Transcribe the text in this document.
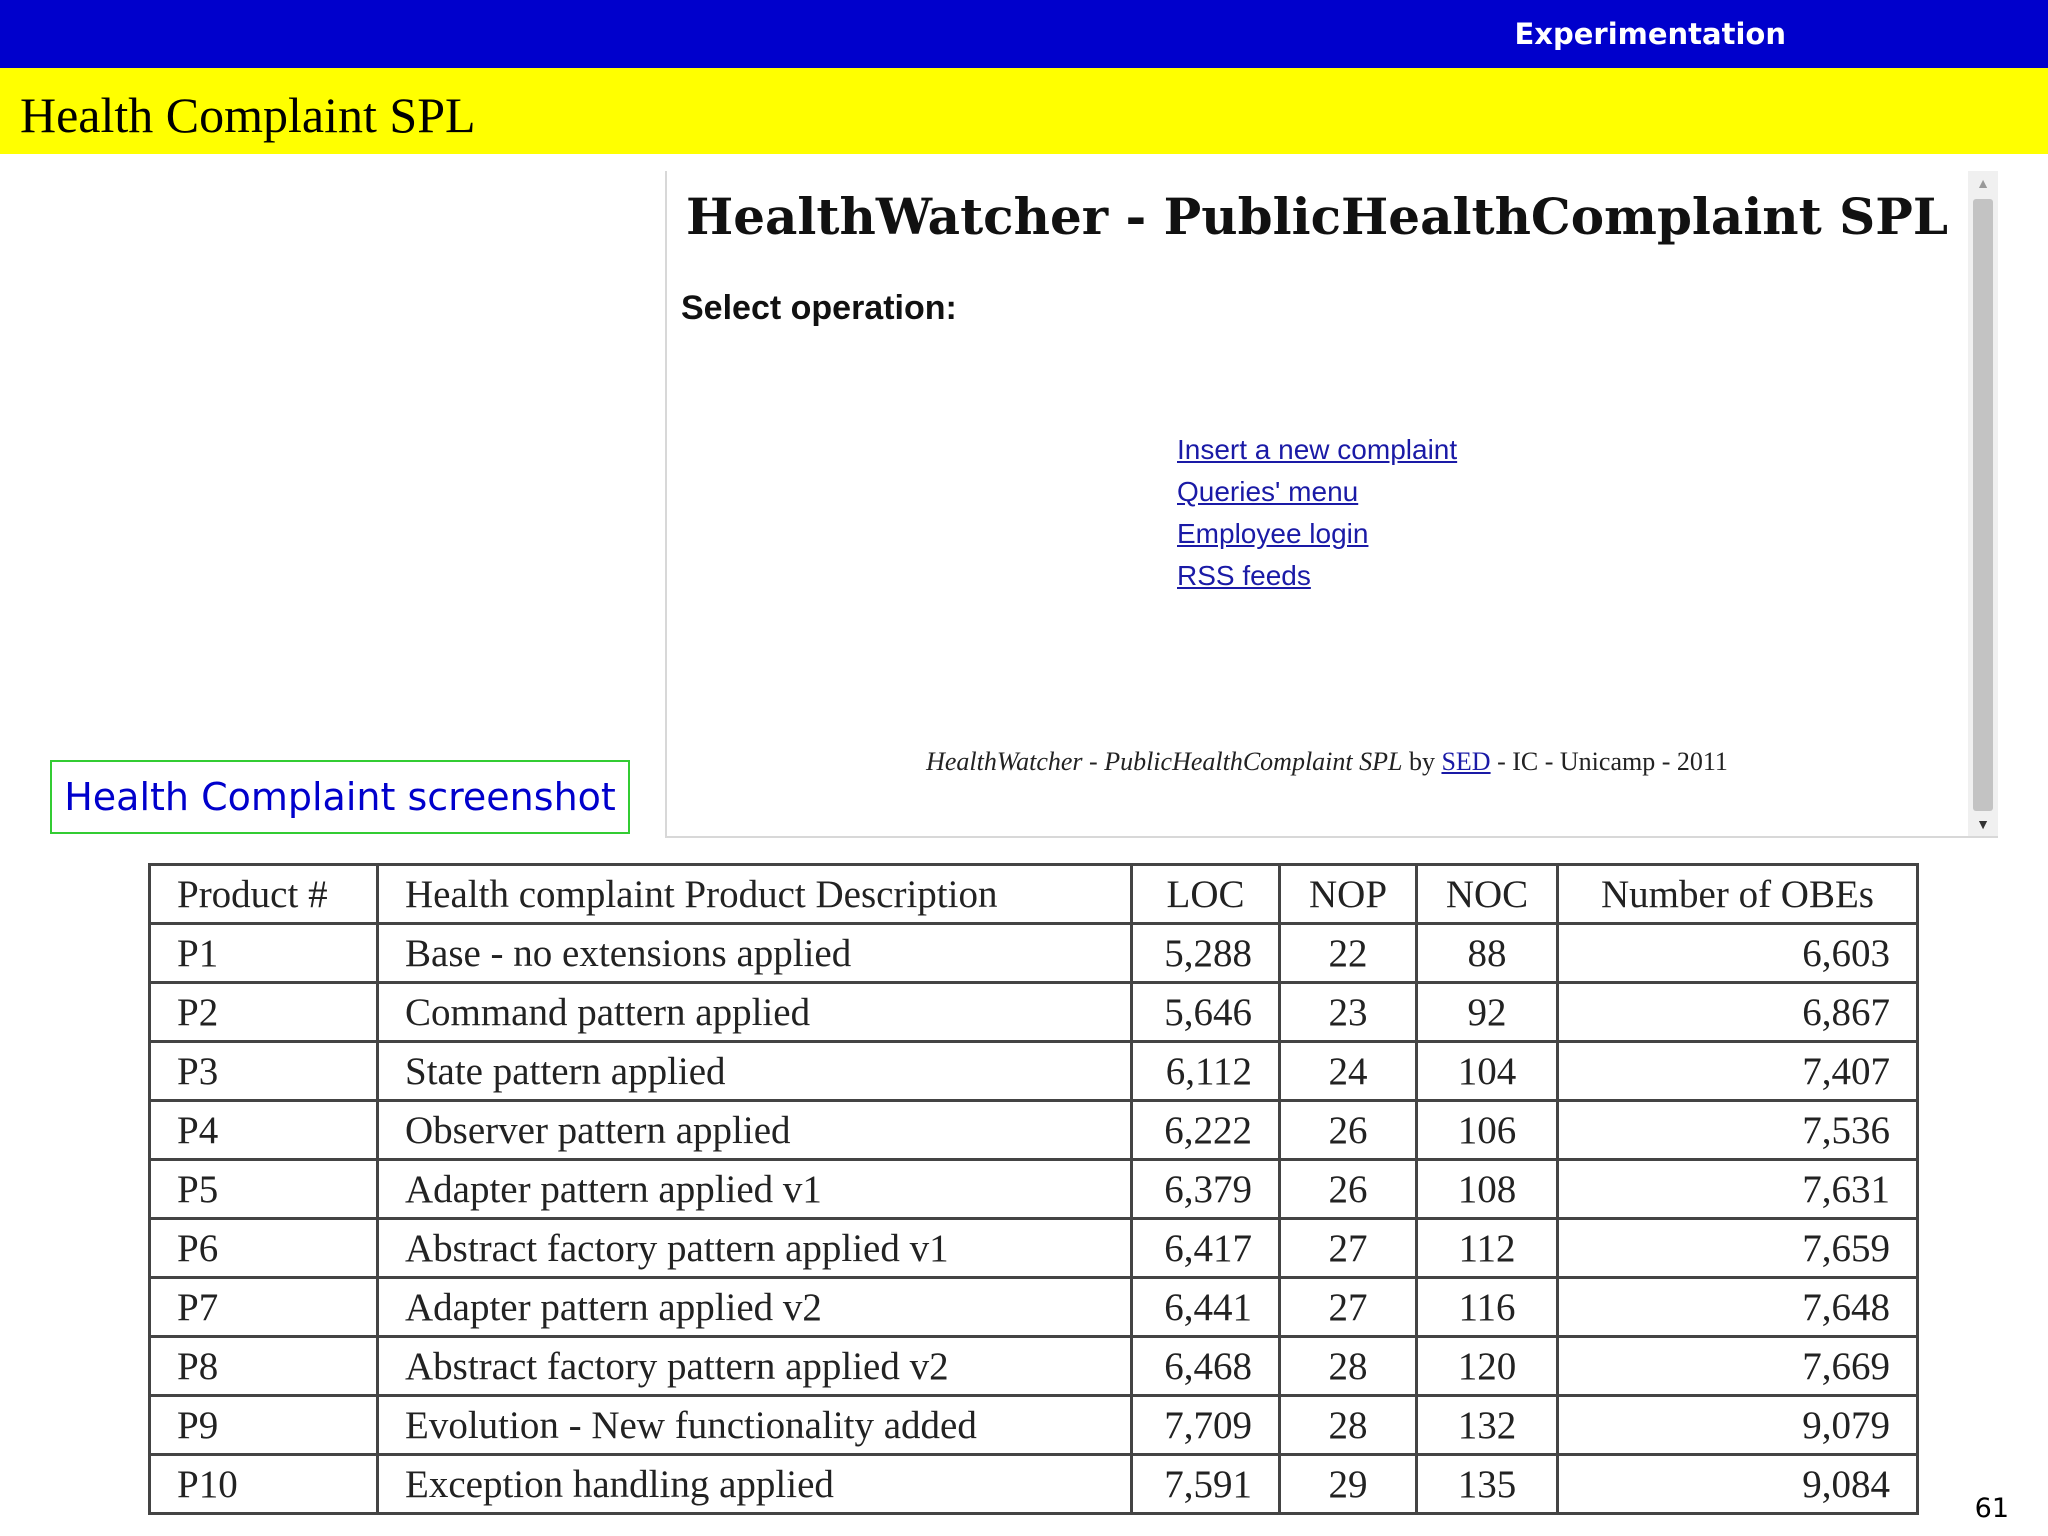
Experimentation
Health Complaint SPL
Health Complaint screenshot
HealthWatcher - PublicHealthComplaint SPL
Select operation:
Insert a new complaint
Queries' menu
Employee login
RSS feeds
HealthWatcher - PublicHealthComplaint SPL by SED - IC - Unicamp - 2011
▲
▼
Product #	Health complaint Product Description	LOC	NOP	NOC	Number of OBEs
P1	Base - no extensions applied	5,288	22	88	6,603
P2	Command pattern applied	5,646	23	92	6,867
P3	State pattern applied	6,112	24	104	7,407
P4	Observer pattern applied	6,222	26	106	7,536
P5	Adapter pattern applied v1	6,379	26	108	7,631
P6	Abstract factory pattern applied v1	6,417	27	112	7,659
P7	Adapter pattern applied v2	6,441	27	116	7,648
P8	Abstract factory pattern applied v2	6,468	28	120	7,669
P9	Evolution - New functionality added	7,709	28	132	9,079
P10	Exception handling applied	7,591	29	135	9,084
61
